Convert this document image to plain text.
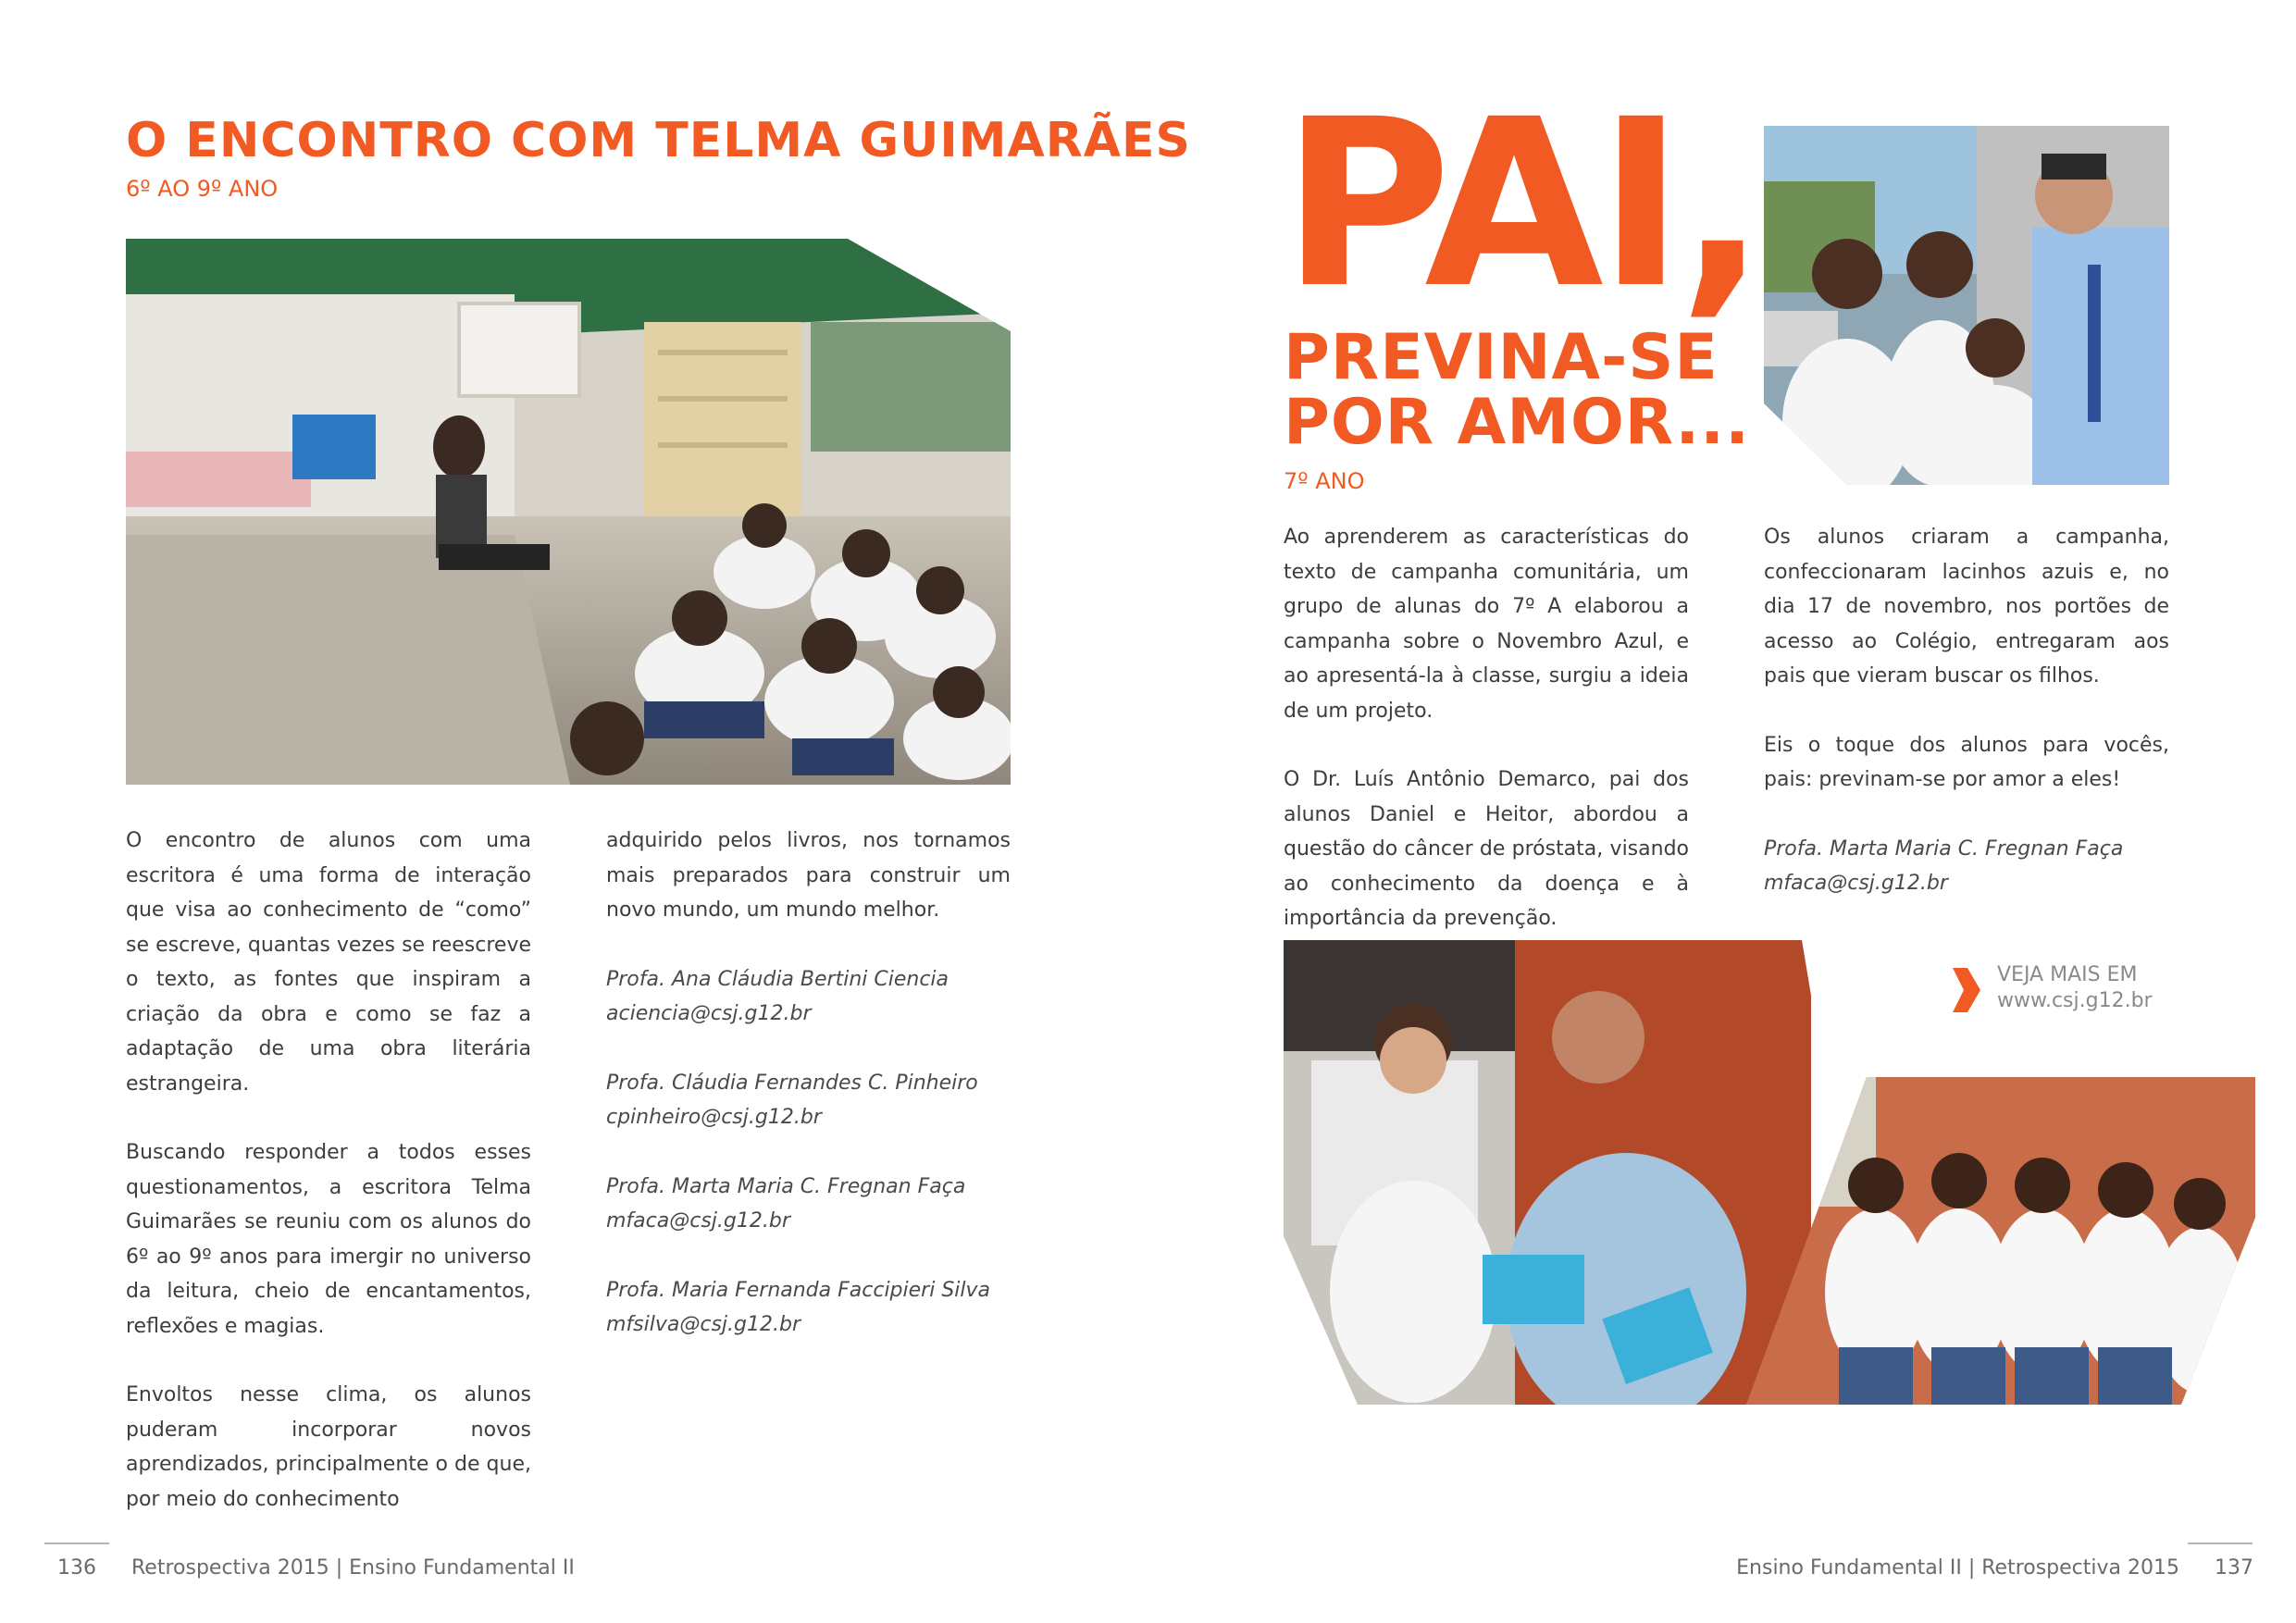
O ENCONTRO COM TELMA GUIMARÃES
6º AO 9º ANO

O encontro de alunos com uma escritora é uma forma de interação que visa ao conhecimento de “como” se escreve, quantas vezes se reescreve o texto, as fontes que inspiram a criação da obra e como se faz a adaptação de uma obra literária estrangeira.

Buscando responder a todos esses questionamentos, a escritora Telma Guimarães se reuniu com os alunos do 6º ao 9º anos para imergir no universo da leitura, cheio de encantamentos, reflexões e magias.

Envoltos nesse clima, os alunos puderam incorporar novos aprendizados, principalmente o de que, por meio do conhecimento

adquirido pelos livros, nos tornamos mais preparados para construir um novo mundo, um mundo melhor.

Profa. Ana Cláudia Bertini Ciencia
aciencia@csj.g12.br

Profa. Cláudia Fernandes C. Pinheiro
cpinheiro@csj.g12.br

Profa. Marta Maria C. Fregnan Faça
mfaca@csj.g12.br

Profa. Maria Fernanda Faccipieri Silva
mfsilva@csj.g12.br

PAI,
PREVINA-SE
POR AMOR...
7º ANO

Ao aprenderem as características do texto de campanha comunitária, um grupo de alunas do 7º A elaborou a campanha sobre o Novembro Azul, e ao apresentá-la à classe, surgiu a ideia de um projeto.

O Dr. Luís Antônio Demarco, pai dos alunos Daniel e Heitor, abordou a questão do câncer de próstata, visando ao conhecimento da doença e à importância da prevenção.

Os alunos criaram a campanha, confeccionaram lacinhos azuis e, no dia 17 de novembro, nos portões de acesso ao Colégio, entregaram aos pais que vieram buscar os filhos.

Eis o toque dos alunos para vocês, pais: previnam-se por amor a eles!

Profa. Marta Maria C. Fregnan Faça
mfaca@csj.g12.br
VEJA MAIS EM
www.csj.g12.br
136 Retrospectiva 2015 | Ensino Fundamental II	Ensino Fundamental II | Retrospectiva 2015 137
